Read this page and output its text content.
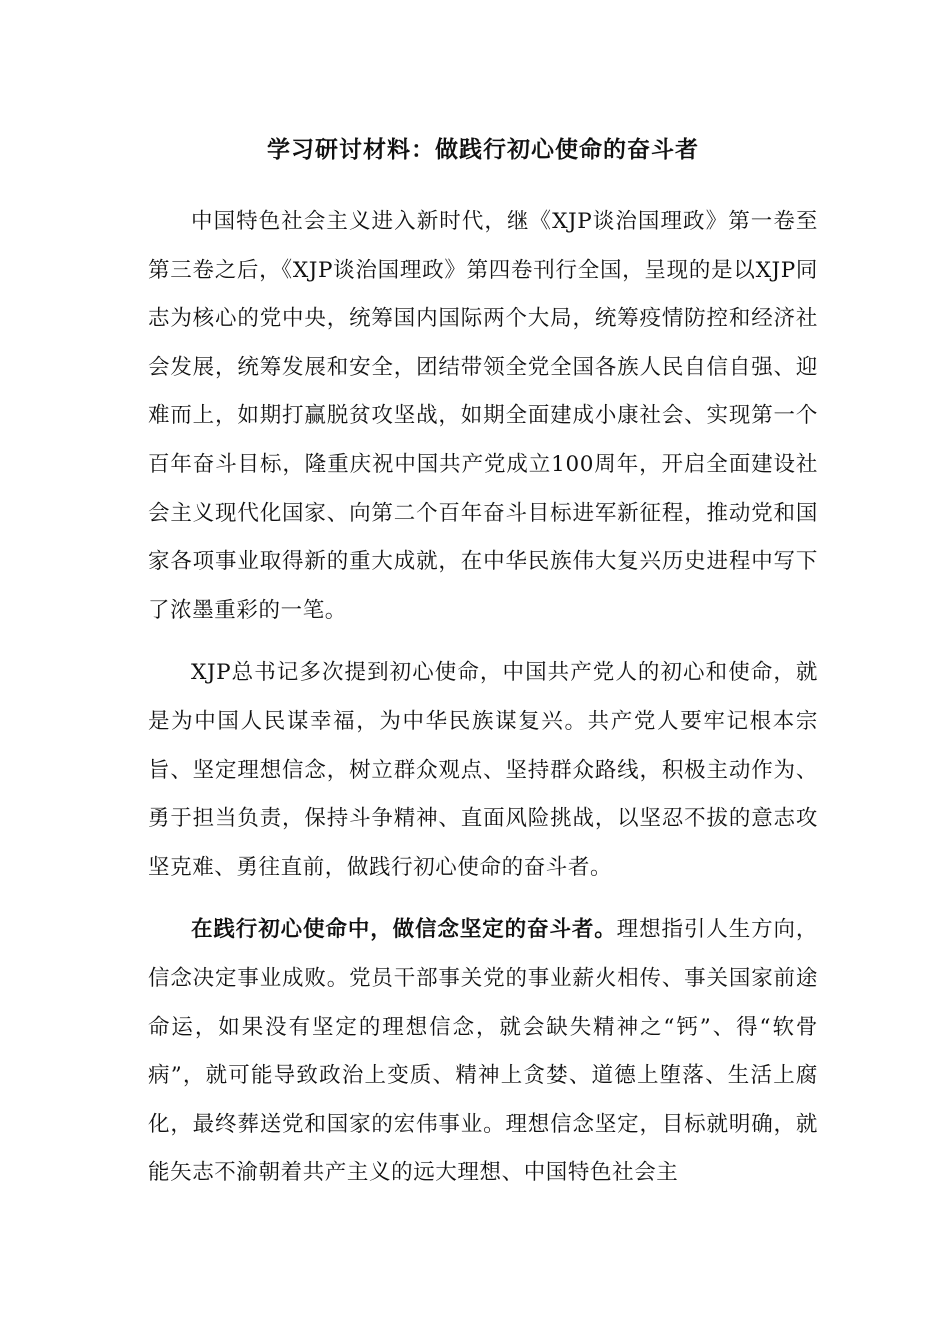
学习研讨材料：做践行初心使命的奋斗者

中国特色社会主义进入新时代，继《XJP谈治国理政》第一卷至第三卷之后，《XJP谈治国理政》第四卷刊行全国，呈现的是以XJP同志为核心的党中央，统筹国内国际两个大局，统筹疫情防控和经济社会发展，统筹发展和安全，团结带领全党全国各族人民自信自强、迎难而上，如期打赢脱贫攻坚战，如期全面建成小康社会、实现第一个百年奋斗目标，隆重庆祝中国共产党成立100周年，开启全面建设社会主义现代化国家、向第二个百年奋斗目标进军新征程，推动党和国家各项事业取得新的重大成就，在中华民族伟大复兴历史进程中写下了浓墨重彩的一笔。

XJP总书记多次提到初心使命，中国共产党人的初心和使命，就是为中国人民谋幸福，为中华民族谋复兴。共产党人要牢记根本宗旨、坚定理想信念，树立群众观点、坚持群众路线，积极主动作为、勇于担当负责，保持斗争精神、直面风险挑战，以坚忍不拔的意志攻坚克难、勇往直前，做践行初心使命的奋斗者。

在践行初心使命中，做信念坚定的奋斗者。理想指引人生方向，信念决定事业成败。党员干部事关党的事业薪火相传、事关国家前途命运，如果没有坚定的理想信念，就会缺失精神之“钙”、得“软骨病”，就可能导致政治上变质、精神上贪婪、道德上堕落、生活上腐化，最终葬送党和国家的宏伟事业。理想信念坚定，目标就明确，就能矢志不渝朝着共产主义的远大理想、中国特色社会主
